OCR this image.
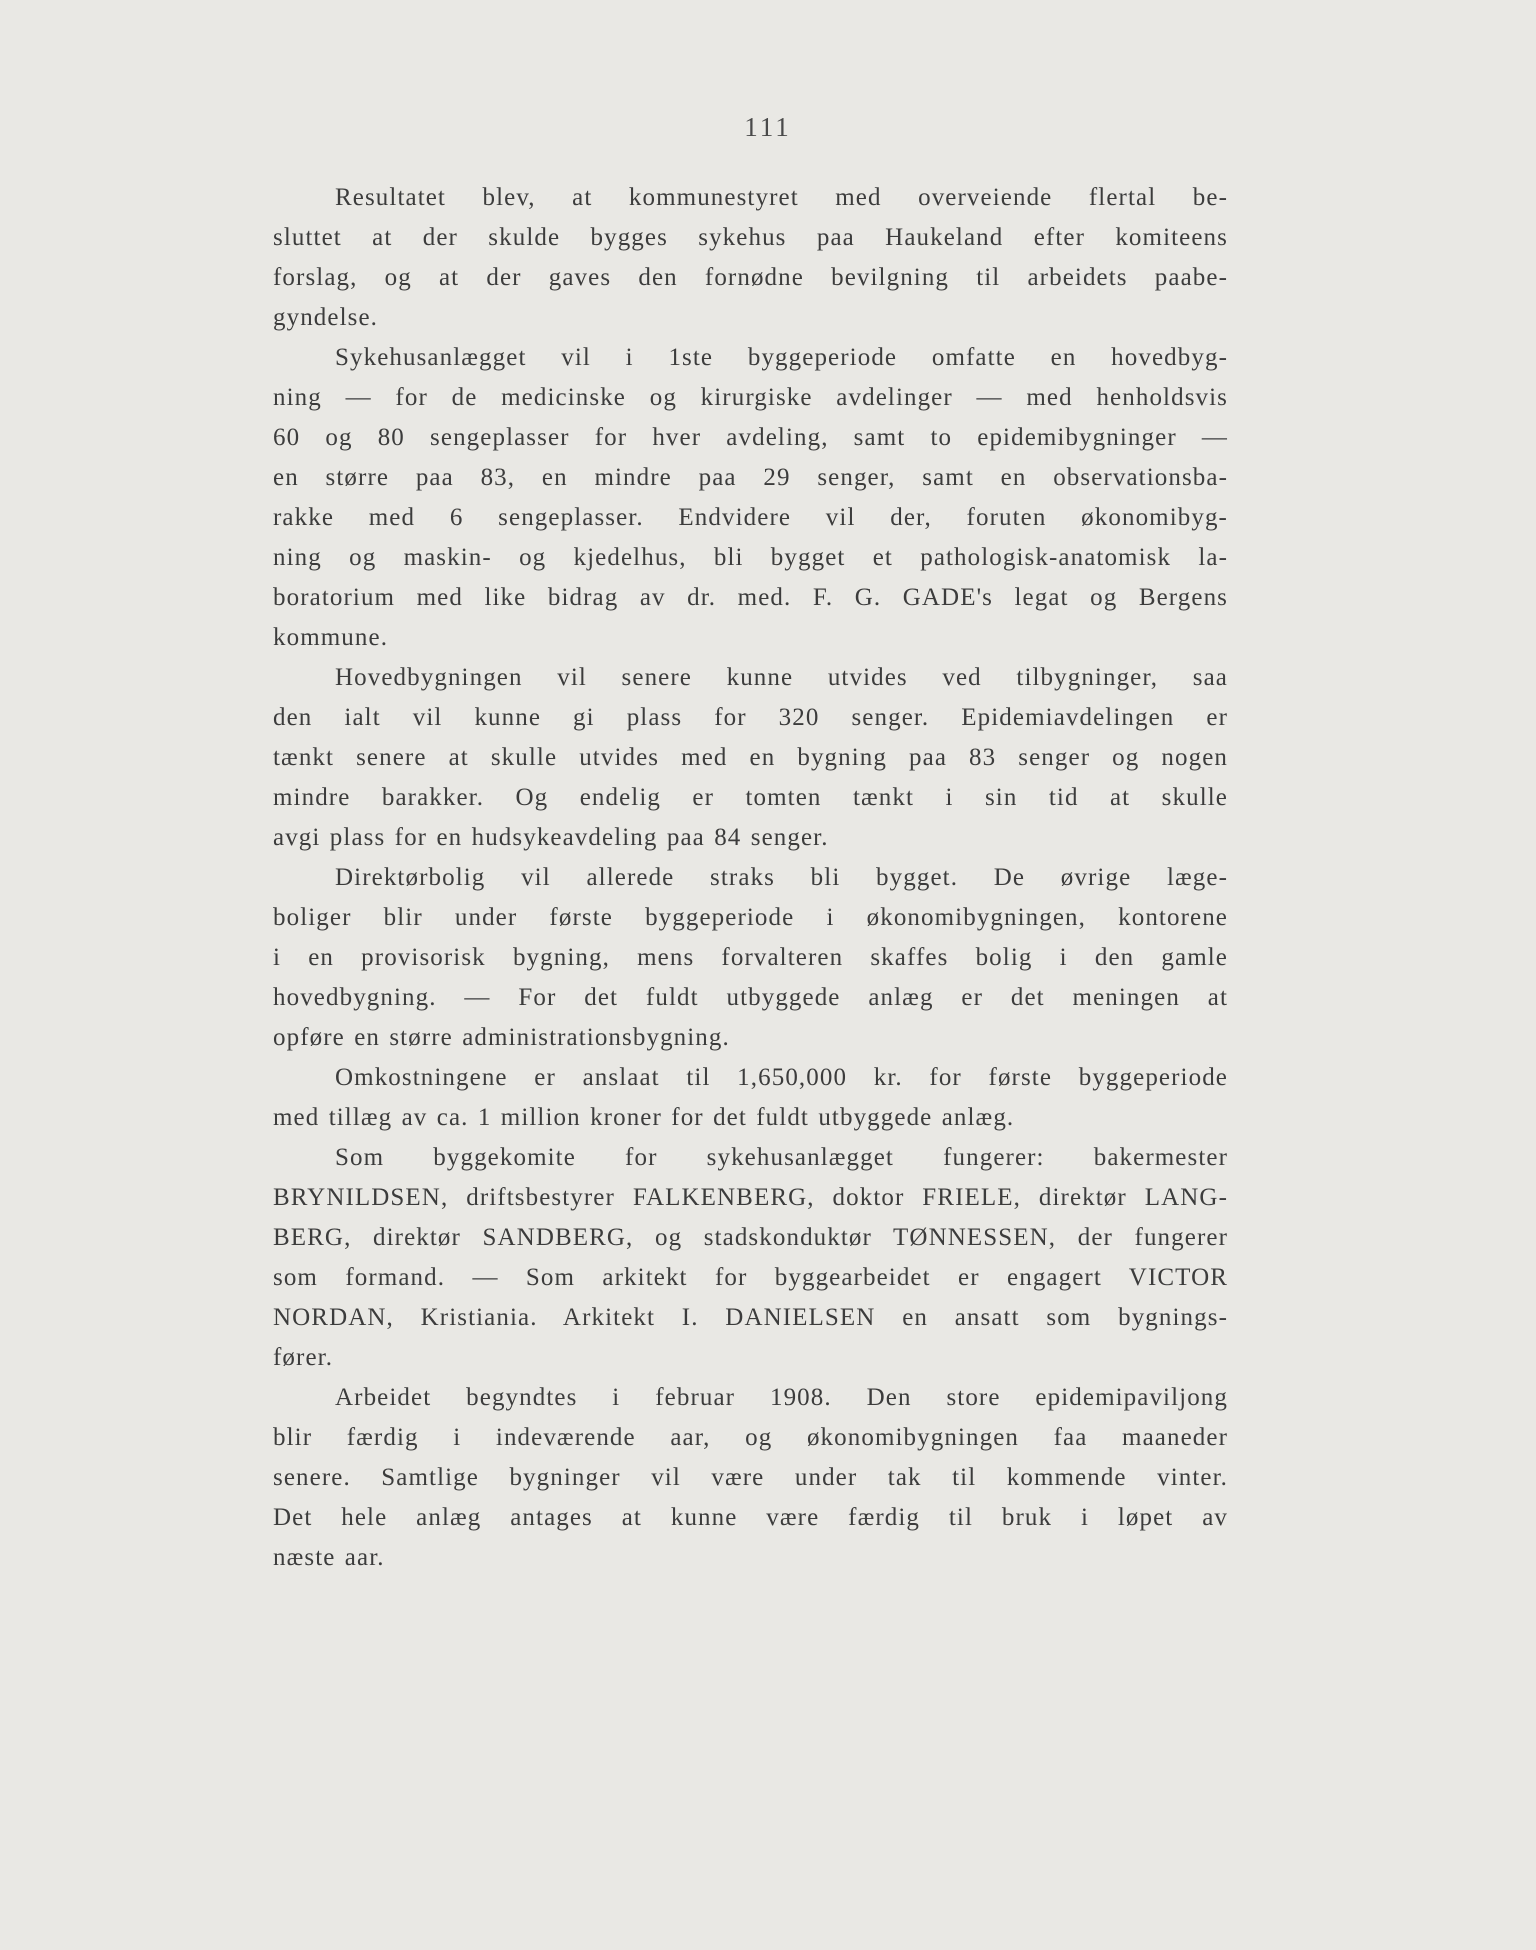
111
Resultatet blev, at kommunestyret med overveiende flertal be-
sluttet at der skulde bygges sykehus paa Haukeland efter komiteens
forslag, og at der gaves den fornødne bevilgning til arbeidets paabe-
gyndelse.
Sykehusanlægget vil i 1ste byggeperiode omfatte en hovedbyg-
ning — for de medicinske og kirurgiske avdelinger — med henholdsvis
60 og 80 sengeplasser for hver avdeling, samt to epidemibygninger —
en større paa 83, en mindre paa 29 senger, samt en observationsba-
rakke med 6 sengeplasser. Endvidere vil der, foruten økonomibyg-
ning og maskin- og kjedelhus, bli bygget et pathologisk-anatomisk la-
boratorium med like bidrag av dr. med. F. G. GADE's legat og Bergens
kommune.
Hovedbygningen vil senere kunne utvides ved tilbygninger, saa
den ialt vil kunne gi plass for 320 senger. Epidemiavdelingen er
tænkt senere at skulle utvides med en bygning paa 83 senger og nogen
mindre barakker. Og endelig er tomten tænkt i sin tid at skulle
avgi plass for en hudsykeavdeling paa 84 senger.
Direktørbolig vil allerede straks bli bygget. De øvrige læge-
boliger blir under første byggeperiode i økonomibygningen, kontorene
i en provisorisk bygning, mens forvalteren skaffes bolig i den gamle
hovedbygning. — For det fuldt utbyggede anlæg er det meningen at
opføre en større administrationsbygning.
Omkostningene er anslaat til 1,650,000 kr. for første byggeperiode
med tillæg av ca. 1 million kroner for det fuldt utbyggede anlæg.
Som byggekomite for sykehusanlægget fungerer: bakermester
BRYNILDSEN, driftsbestyrer FALKENBERG, doktor FRIELE, direktør LANG-
BERG, direktør SANDBERG, og stadskonduktør TØNNESSEN, der fungerer
som formand. — Som arkitekt for byggearbeidet er engagert VICTOR
NORDAN, Kristiania. Arkitekt I. DANIELSEN en ansatt som bygnings-
fører.
Arbeidet begyndtes i februar 1908. Den store epidemipaviljong
blir færdig i indeværende aar, og økonomibygningen faa maaneder
senere. Samtlige bygninger vil være under tak til kommende vinter.
Det hele anlæg antages at kunne være færdig til bruk i løpet av
næste aar.
